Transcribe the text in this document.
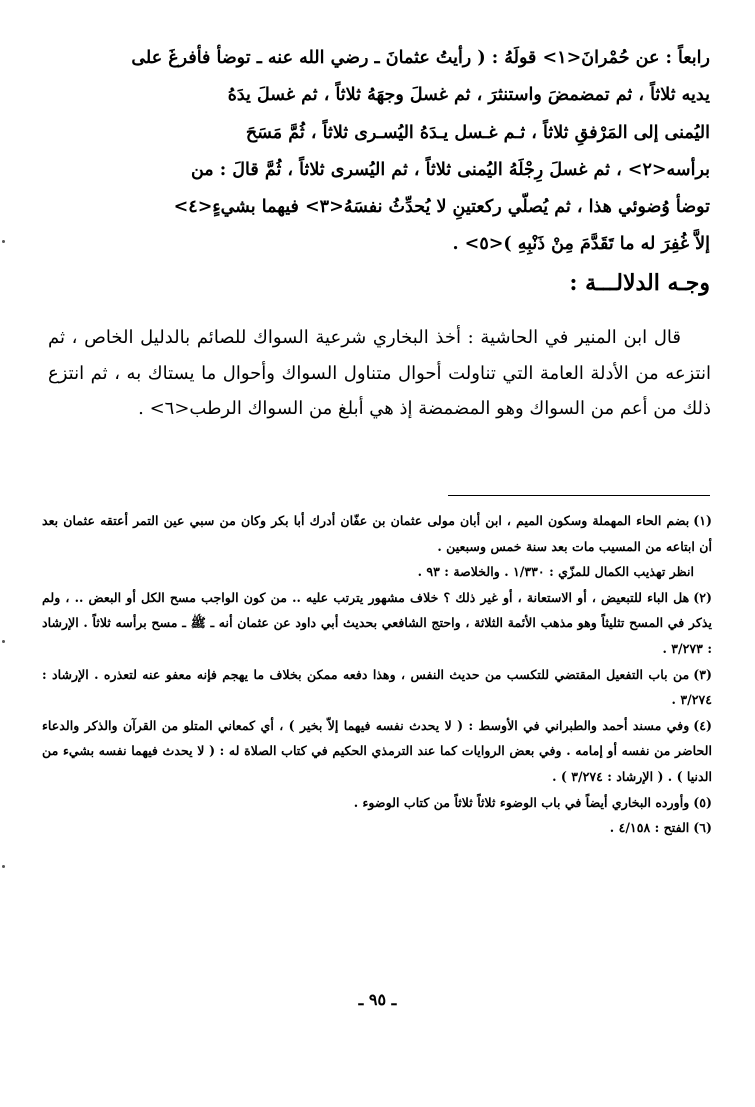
رابعاً : عن حُمْرانَ<١> قولَهُ : ( رأيتُ عثمانَ ـ رضي الله عنه ـ توضأ فأفرغَ على

يديه ثلاثاً ، ثم تمضمضَ واستنثرَ ، ثم غسلَ وجهَهُ ثلاثاً ، ثم غسلَ يدَهُ

اليُمنى إلى المَرْفقِ ثلاثاً ، ثـم غـسل يـدَهُ اليُسـرى ثلاثاً ، ثُمَّ مَسَحَ

برأسه<٢> ، ثم غسلَ رِجْلَهُ اليُمنى ثلاثاً ، ثم اليُسرى ثلاثاً ، ثُمَّ قالَ : من

توضأ وُضوئي هذا ، ثم يُصلّي ركعتينِ لا يُحدِّثُ نفسَهُ<٣> فيهما بشيءٍ<٤>

إلاَّ غُفِرَ له ما تَقَدَّمَ مِنْ ذَنْبِهِ )<٥> .

وجـه الدلالـــة :

قال ابن المنير في الحاشية : أخذ البخاري شرعية السواك للصائم بالدليل الخاص ، ثم انتزعه من الأدلة العامة التي تناولت أحوال متناول السواك وأحوال ما يستاك به ، ثم انتزع ذلك من أعم من السواك وهو المضمضة إذ هي أبلغ من السواك الرطب<٦> .

(١)بضم الحاء المهملة وسكون الميم ، ابن أبان مولى عثمان بن عفّان أدرك أبا بكر وكان من سبي عين التمر أعتقه عثمان بعد أن ابتاعه من المسيب مات بعد سنة خمس وسبعين .

انظر تهذيب الكمال للمزّي : ١/٣٣٠ . والخلاصة : ٩٣ .

(٢)هل الباء للتبعيض ، أو الاستعانة ، أو غير ذلك ؟ خلاف مشهور يترتب عليه .. من كون الواجب مسح الكل أو البعض .. ، ولم يذكر في المسح تثليثاً وهو مذهب الأئمة الثلاثة ، واحتج الشافعي بحديث أبي داود عن عثمان أنه ـ ﷺ ـ مسح برأسه ثلاثاً . الإرشاد : ٣/٢٧٣ .

(٣)من باب التفعيل المقتضي للتكسب من حديث النفس ، وهذا دفعه ممكن بخلاف ما يهجم فإنه معفو عنه لتعذره . الإرشاد : ٣/٢٧٤ .

(٤)وفي مسند أحمد والطبراني في الأوسط : ( لا يحدث نفسه فيهما إلاّ بخير ) ، أي كمعاني المتلو من القرآن والذكر والدعاء الحاضر من نفسه أو إمامه . وفي بعض الروايات كما عند الترمذي الحكيم في كتاب الصلاة له : ( لا يحدث فيهما نفسه بشيء من الدنيا ) . ( الإرشاد : ٣/٢٧٤ ) .

(٥)وأورده البخاري أيضاً في باب الوضوء ثلاثاً ثلاثاً من كتاب الوضوء .

(٦)الفتح : ٤/١٥٨ .

ـ ٩٥ ـ
